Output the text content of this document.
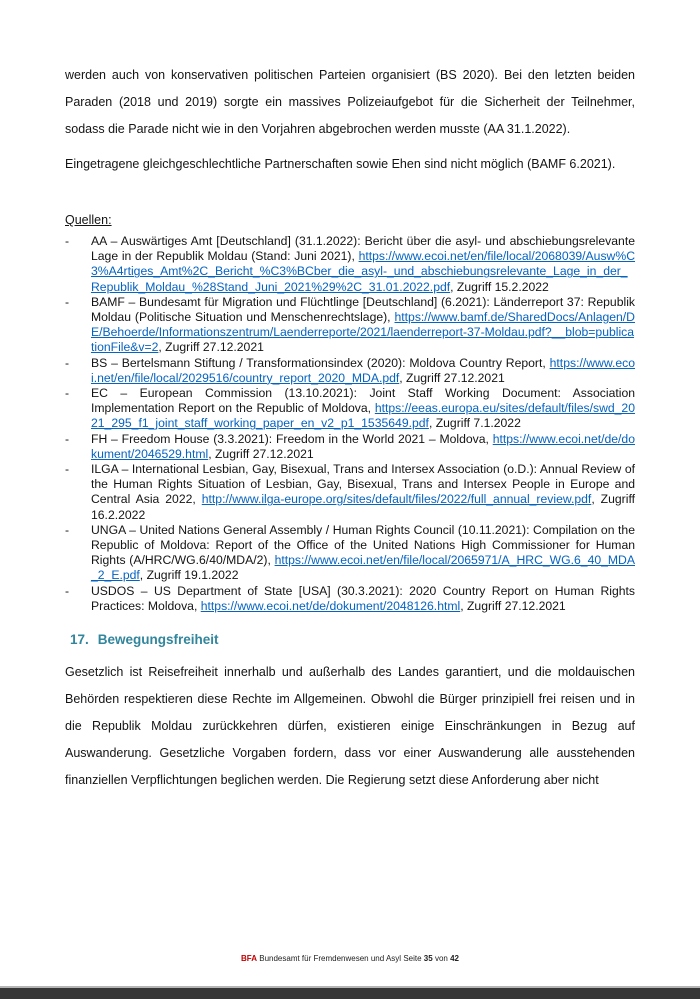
werden auch von konservativen politischen Parteien organisiert (BS 2020). Bei den letzten beiden Paraden (2018 und 2019) sorgte ein massives Polizeiaufgebot für die Sicherheit der Teilnehmer, sodass die Parade nicht wie in den Vorjahren abgebrochen werden musste (AA 31.1.2022).

Eingetragene gleichgeschlechtliche Partnerschaften sowie Ehen sind nicht möglich (BAMF 6.2021).

Quellen:

-	AA – Auswärtiges Amt [Deutschland] (31.1.2022): Bericht über die asyl- und abschiebungsrelevante Lage in der Republik Moldau (Stand: Juni 2021), https://www.ecoi.net/en/file/local/2068039/Ausw%C3%A4rtiges_Amt%2C_Bericht_%C3%BCber_die_asyl-_und_abschiebungsrelevante_Lage_in_der_Republik_Moldau_%28Stand_Juni_2021%29%2C_31.01.2022.pdf, Zugriff 15.2.2022
-	BAMF – Bundesamt für Migration und Flüchtlinge [Deutschland] (6.2021): Länderreport 37: Republik Moldau (Politische Situation und Menschenrechtslage), https://www.bamf.de/SharedDocs/Anlagen/DE/Behoerde/Informationszentrum/Laenderreporte/2021/laenderreport-37-Moldau.pdf?__blob=publicationFile&v=2, Zugriff 27.12.2021
-	BS – Bertelsmann Stiftung / Transformationsindex (2020): Moldova Country Report, https://www.ecoi.net/en/file/local/2029516/country_report_2020_MDA.pdf, Zugriff 27.12.2021
-	EC – European Commission (13.10.2021): Joint Staff Working Document: Association Implementation Report on the Republic of Moldova, https://eeas.europa.eu/sites/default/files/swd_2021_295_f1_joint_staff_working_paper_en_v2_p1_1535649.pdf, Zugriff 7.1.2022
-	FH – Freedom House (3.3.2021): Freedom in the World 2021 – Moldova, https://www.ecoi.net/de/dokument/2046529.html, Zugriff 27.12.2021
-	ILGA – International Lesbian, Gay, Bisexual, Trans and Intersex Association (o.D.): Annual Review of the Human Rights Situation of Lesbian, Gay, Bisexual, Trans and Intersex People in Europe and Central Asia 2022, http://www.ilga-europe.org/sites/default/files/2022/full_annual_review.pdf, Zugriff 16.2.2022
-	UNGA – United Nations General Assembly / Human Rights Council (10.11.2021): Compilation on the Republic of Moldova: Report of the Office of the United Nations High Commissioner for Human Rights (A/HRC/WG.6/40/MDA/2), https://www.ecoi.net/en/file/local/2065971/A_HRC_WG.6_40_MDA_2_E.pdf, Zugriff 19.1.2022
-	USDOS – US Department of State [USA] (30.3.2021): 2020 Country Report on Human Rights Practices: Moldova, https://www.ecoi.net/de/dokument/2048126.html, Zugriff 27.12.2021
17. Bewegungsfreiheit

Gesetzlich ist Reisefreiheit innerhalb und außerhalb des Landes garantiert, und die moldauischen Behörden respektieren diese Rechte im Allgemeinen. Obwohl die Bürger prinzipiell frei reisen und in die Republik Moldau zurückkehren dürfen, existieren einige Einschränkungen in Bezug auf Auswanderung. Gesetzliche Vorgaben fordern, dass vor einer Auswanderung alle ausstehenden finanziellen Verpflichtungen beglichen werden. Die Regierung setzt diese Anforderung aber nicht

BFA Bundesamt für Fremdenwesen und Asyl Seite 35 von 42
